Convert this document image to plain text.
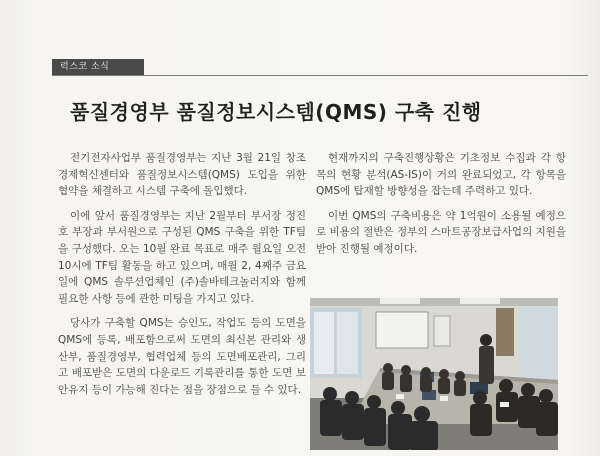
럭스코 소식
품질경영부 품질정보시스템(QMS) 구축 진행

전기전자사업부 품질경영부는 지난 3월 21일 창조경제혁신센터와 품질정보시스템(QMS) 도입을 위한 협약을 체결하고 시스템 구축에 돌입했다.

이에 앞서 품질경영부는 지난 2월부터 부서장 정진호 부장과 부서원으로 구성된 QMS 구축을 위한 TF팀을 구성했다. 오는 10월 완료 목표로 매주 월요일 오전 10시에 TF팀 활동을 하고 있으며, 매월 2, 4째주 금요일에 QMS 솔루션업체인 (주)솔바테크놀러지와 함께 필요한 사항 등에 관한 미팅을 가지고 있다.

당사가 구축할 QMS는 승인도, 작업도 등의 도면을 QMS에 등록, 배포함으로써 도면의 최신본 관리와 생산부, 품질경영부, 협력업체 등의 도면배포관리, 그리고 배포받은 도면의 다운로드 기록관리를 통한 도면 보안유지 등이 가능해 진다는 점을 장점으로 들 수 있다.

현재까지의 구축진행상황은 기초정보 수집과 각 항목의 현황 분석(AS-IS)이 거의 완료되었고, 각 항목을 QMS에 탑재할 방향성을 잡는데 주력하고 있다.

이번 QMS의 구축비용은 약 1억원이 소용될 예정으로 비용의 절반은 정부의 스마트공장보급사업의 지원을 받아 진행될 예정이다.
